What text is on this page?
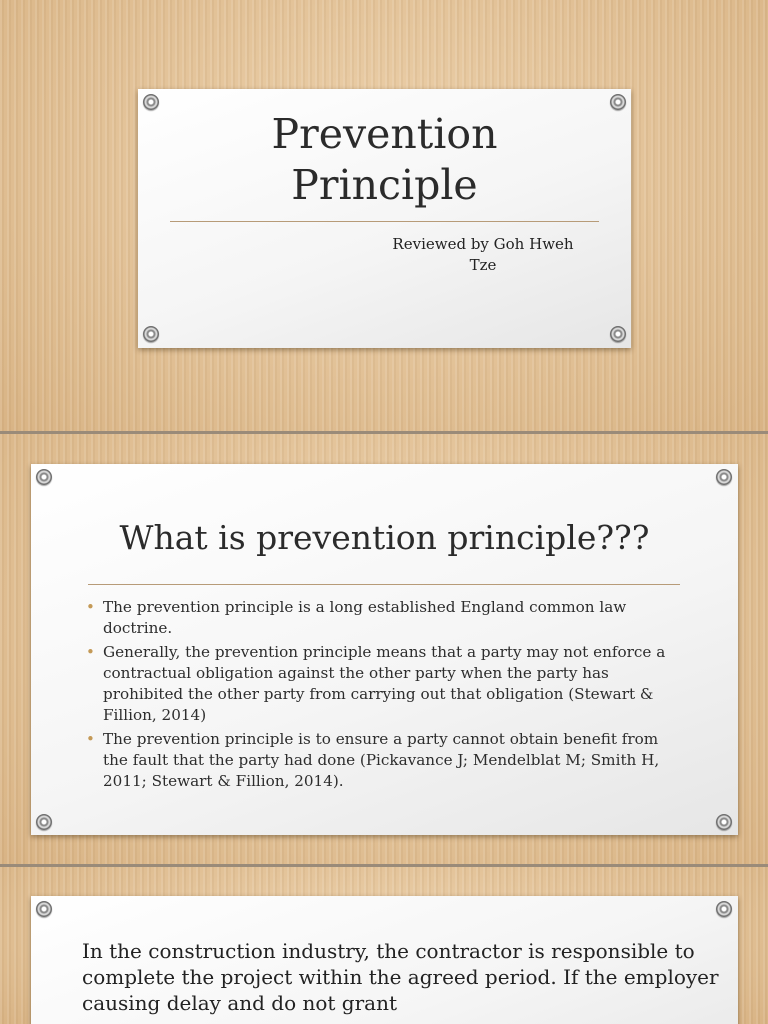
Prevention
Principle
Reviewed by Goh Hweh
Tze
What is prevention principle???
• The prevention principle is a long established England common law doctrine.
• Generally, the prevention principle means that a party may not enforce a contractual obligation against the other party when the party has prohibited the other party from carrying out that obligation (Stewart & Fillion, 2014)
• The prevention principle is to ensure a party cannot obtain benefit from the fault that the party had done (Pickavance J; Mendelblat M; Smith H, 2011; Stewart & Fillion, 2014).
In the construction industry, the contractor is responsible to complete the project within the agreed period. If the employer causing delay and do not grant
